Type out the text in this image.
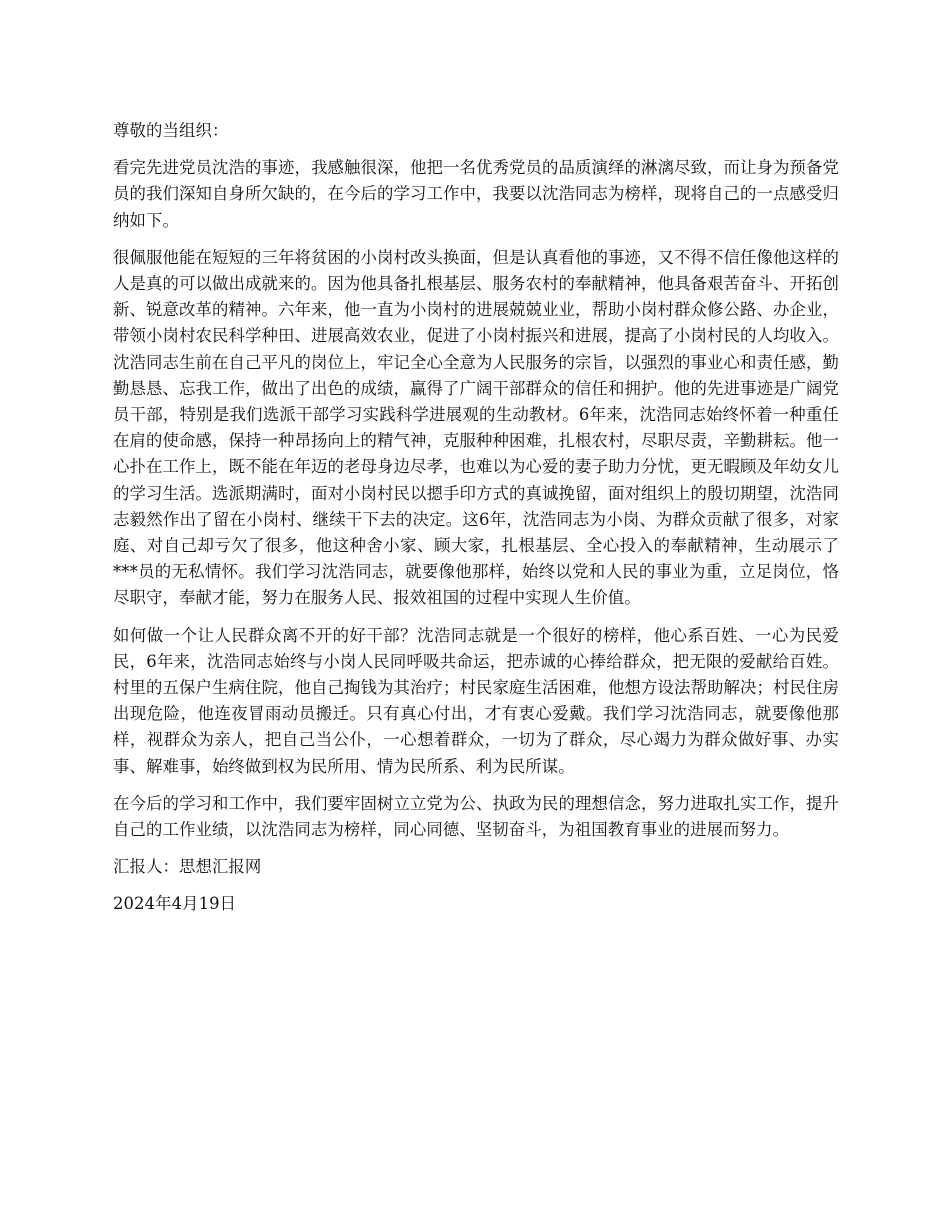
尊敬的当组织：

看完先进党员沈浩的事迹，我感触很深，他把一名优秀党员的品质演绎的淋漓尽致，而让身为预备党员的我们深知自身所欠缺的，在今后的学习工作中，我要以沈浩同志为榜样，现将自己的一点感受归纳如下。

很佩服他能在短短的三年将贫困的小岗村改头换面，但是认真看他的事迹，又不得不信任像他这样的人是真的可以做出成就来的。因为他具备扎根基层、服务农村的奉献精神，他具备艰苦奋斗、开拓创新、锐意改革的精神。六年来，他一直为小岗村的进展兢兢业业，帮助小岗村群众修公路、办企业，带领小岗村农民科学种田、进展高效农业，促进了小岗村振兴和进展，提高了小岗村民的人均收入。沈浩同志生前在自己平凡的岗位上，牢记全心全意为人民服务的宗旨，以强烈的事业心和责任感，勤勤恳恳、忘我工作，做出了出色的成绩，赢得了广阔干部群众的信任和拥护。他的先进事迹是广阔党员干部，特别是我们选派干部学习实践科学进展观的生动教材。6年来，沈浩同志始终怀着一种重任在肩的使命感，保持一种昂扬向上的精气神，克服种种困难，扎根农村，尽职尽责，辛勤耕耘。他一心扑在工作上，既不能在年迈的老母身边尽孝，也难以为心爱的妻子助力分忧，更无暇顾及年幼女儿的学习生活。选派期满时，面对小岗村民以摁手印方式的真诚挽留，面对组织上的殷切期望，沈浩同志毅然作出了留在小岗村、继续干下去的决定。这6年，沈浩同志为小岗、为群众贡献了很多，对家庭、对自己却亏欠了很多，他这种舍小家、顾大家，扎根基层、全心投入的奉献精神，生动展示了***员的无私情怀。我们学习沈浩同志，就要像他那样，始终以党和人民的事业为重，立足岗位，恪尽职守，奉献才能，努力在服务人民、报效祖国的过程中实现人生价值。

如何做一个让人民群众离不开的好干部？沈浩同志就是一个很好的榜样，他心系百姓、一心为民爱民，6年来，沈浩同志始终与小岗人民同呼吸共命运，把赤诚的心捧给群众，把无限的爱献给百姓。村里的五保户生病住院，他自己掏钱为其治疗；村民家庭生活困难，他想方设法帮助解决；村民住房出现危险，他连夜冒雨动员搬迁。只有真心付出，才有衷心爱戴。我们学习沈浩同志，就要像他那样，视群众为亲人，把自己当公仆，一心想着群众，一切为了群众，尽心竭力为群众做好事、办实事、解难事，始终做到权为民所用、情为民所系、利为民所谋。

在今后的学习和工作中，我们要牢固树立立党为公、执政为民的理想信念，努力进取扎实工作，提升自己的工作业绩，以沈浩同志为榜样，同心同德、坚韧奋斗，为祖国教育事业的进展而努力。

汇报人：思想汇报网

2024年4月19日
